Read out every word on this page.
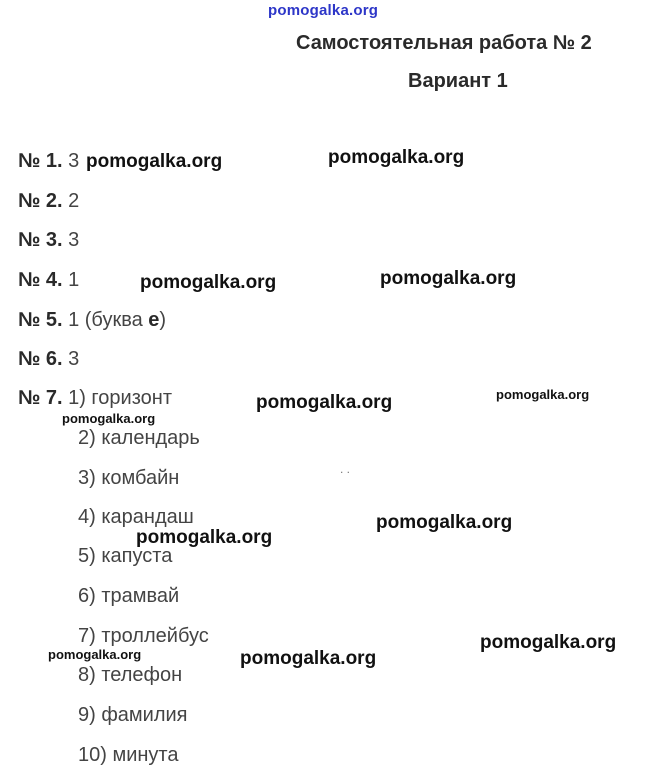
pomogalka.org
Самостоятельная работа № 2
Вариант 1
№ 1. 3
№ 2. 2
№ 3. 3
№ 4. 1
№ 5. 1 (буква е)
№ 6. 3
№ 7. 1) горизонт
2) календарь
3) комбайн
4) карандаш
5) капуста
6) трамвай
7) троллейбус
8) телефон
9) фамилия
10) минута
pomogalka.org	pomogalka.org
pomogalka.org	pomogalka.org
pomogalka.org	pomogalka.org
pomogalka.org
pomogalka.org
pomogalka.org
pomogalka.org
pomogalka.org	pomogalka.org
. .
